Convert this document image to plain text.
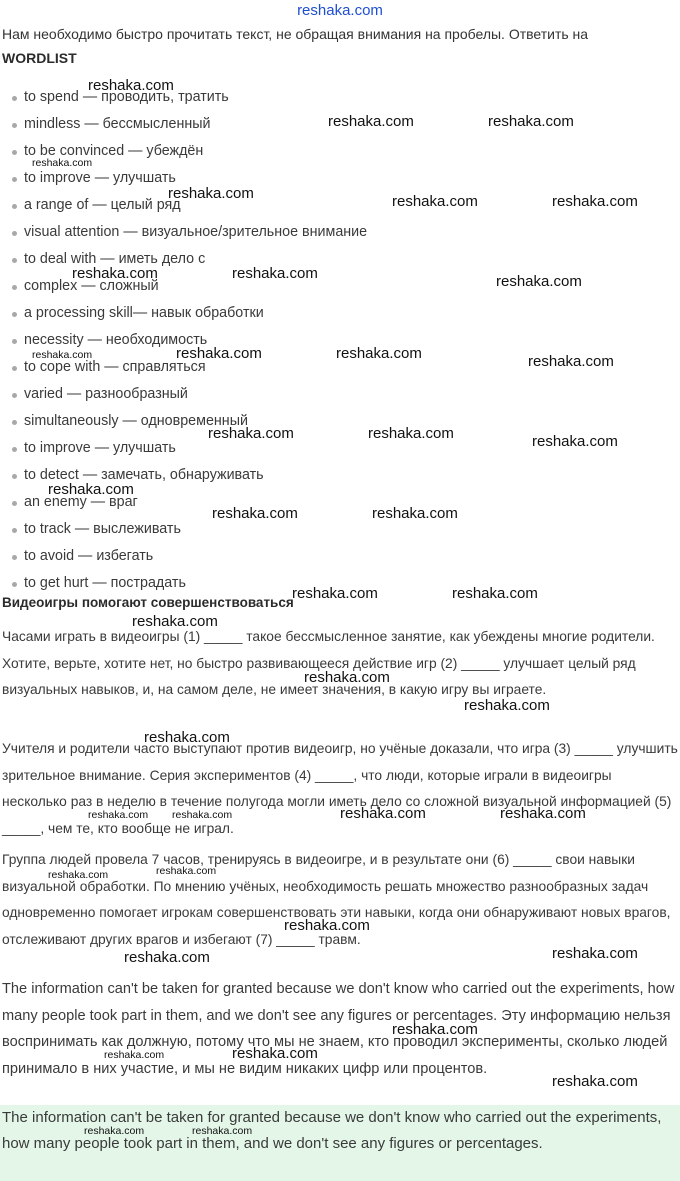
reshaka.com
Нам необходимо быстро прочитать текст, не обращая внимания на пробелы. Ответить на
WORDLIST
to spend — проводить, тратить
mindless — бессмысленный
to be convinced — убеждён
to improve — улучшать
a range of — целый ряд
visual attention — визуальное/зрительное внимание
to deal with — иметь дело с
complex — сложный
a processing skill— навык обработки
necessity — необходимость
to cope with — справляться
varied — разнообразный
simultaneously — одновременный
to improve — улучшать
to detect — замечать, обнаруживать
an enemy — враг
to track — выслеживать
to avoid — избегать
to get hurt — пострадать
Видеоигры помогают совершенствоваться

Часами играть в видеоигры (1) _____ такое бессмысленное занятие, как убеждены многие родители. Хотите, верьте, хотите нет, но быстро развивающееся действие игр (2) _____ улучшает целый ряд визуальных навыков, и, на самом деле, не имеет значения, в какую игру вы играете.

Учителя и родители часто выступают против видеоигр, но учёные доказали, что игра (3) _____ улучшить зрительное внимание. Серия экспериментов (4) _____, что люди, которые играли в видеоигры несколько раз в неделю в течение полугода могли иметь дело со сложной визуальной информацией (5) _____, чем те, кто вообще не играл.

Группа людей провела 7 часов, тренируясь в видеоигре, и в результате они (6) _____ свои навыки визуальной обработки. По мнению учёных, необходимость решать множество разнообразных задач одновременно помогает игрокам совершенствовать эти навыки, когда они обнаруживают новых врагов, отслеживают других врагов и избегают (7) _____ травм.

The information can't be taken for granted because we don't know who carried out the experiments, how many people took part in them, and we don't see any figures or percentages. Эту информацию нельзя воспринимать как должную, потому что мы не знаем, кто проводил эксперименты, сколько людей принимало в них участие, и мы не видим никаких цифр или процентов.

The information can't be taken for granted because we don't know who carried out the experiments, how many people took part in them, and we don't see any figures or percentages.

reshaka.com
reshaka.com	reshaka.com
reshaka.com
reshaka.com	reshaka.com	reshaka.com
reshaka.com	reshaka.com	reshaka.com
reshaka.com	reshaka.com	reshaka.com	reshaka.com
reshaka.com	reshaka.com	reshaka.com
reshaka.com
reshaka.com	reshaka.com
reshaka.com	reshaka.com
reshaka.com
reshaka.com
reshaka.com
reshaka.com
reshaka.com reshaka.com	reshaka.com	reshaka.com
reshaka.com	reshaka.com
reshaka.com
reshaka.com	reshaka.com
reshaka.com
reshaka.com	reshaka.com
reshaka.com
reshaka.com	reshaka.com
